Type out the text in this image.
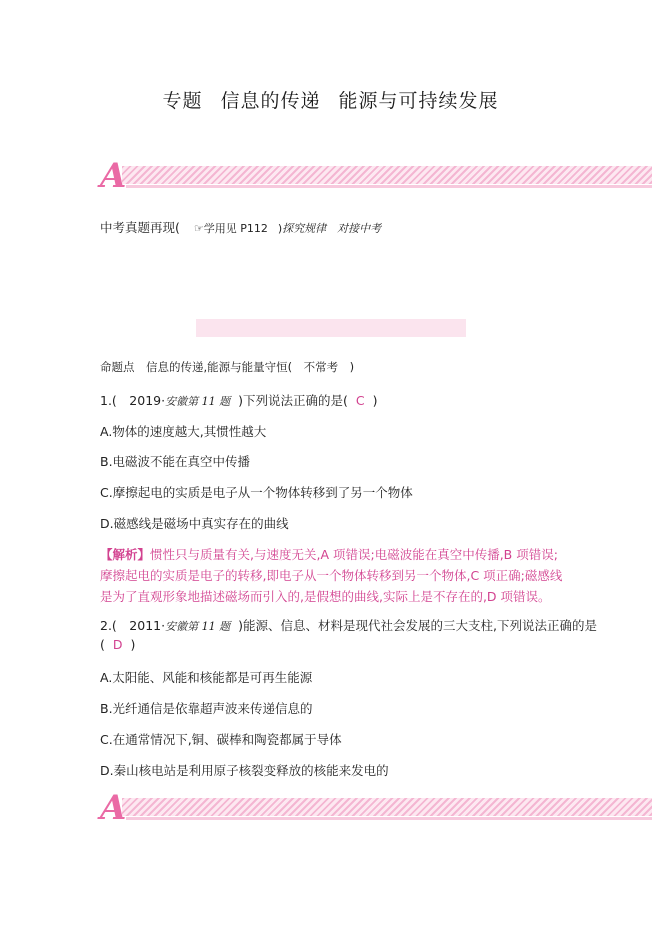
专题 信息的传递 能源与可持续发展
A
中考真题再现( ☞学用见 P112 )探究规律　对接中考
命题点　信息的传递,能源与能量守恒(　不常考　)
1.(　2019·安徽第 11 题 )下列说法正确的是( C )
A.物体的速度越大,其惯性越大
B.电磁波不能在真空中传播
C.摩擦起电的实质是电子从一个物体转移到了另一个物体
D.磁感线是磁场中真实存在的曲线
【解析】惯性只与质量有关,与速度无关,A 项错误;电磁波能在真空中传播,B 项错误;摩擦起电的实质是电子的转移,即电子从一个物体转移到另一个物体,C 项正确;磁感线是为了直观形象地描述磁场而引入的,是假想的曲线,实际上是不存在的,D 项错误。
2.(　2011·安徽第 11 题 )能源、信息、材料是现代社会发展的三大支柱,下列说法正确的是
( D )
A.太阳能、风能和核能都是可再生能源
B.光纤通信是依靠超声波来传递信息的
C.在通常情况下,铜、碳棒和陶瓷都属于导体
D.秦山核电站是利用原子核裂变释放的核能来发电的
A
